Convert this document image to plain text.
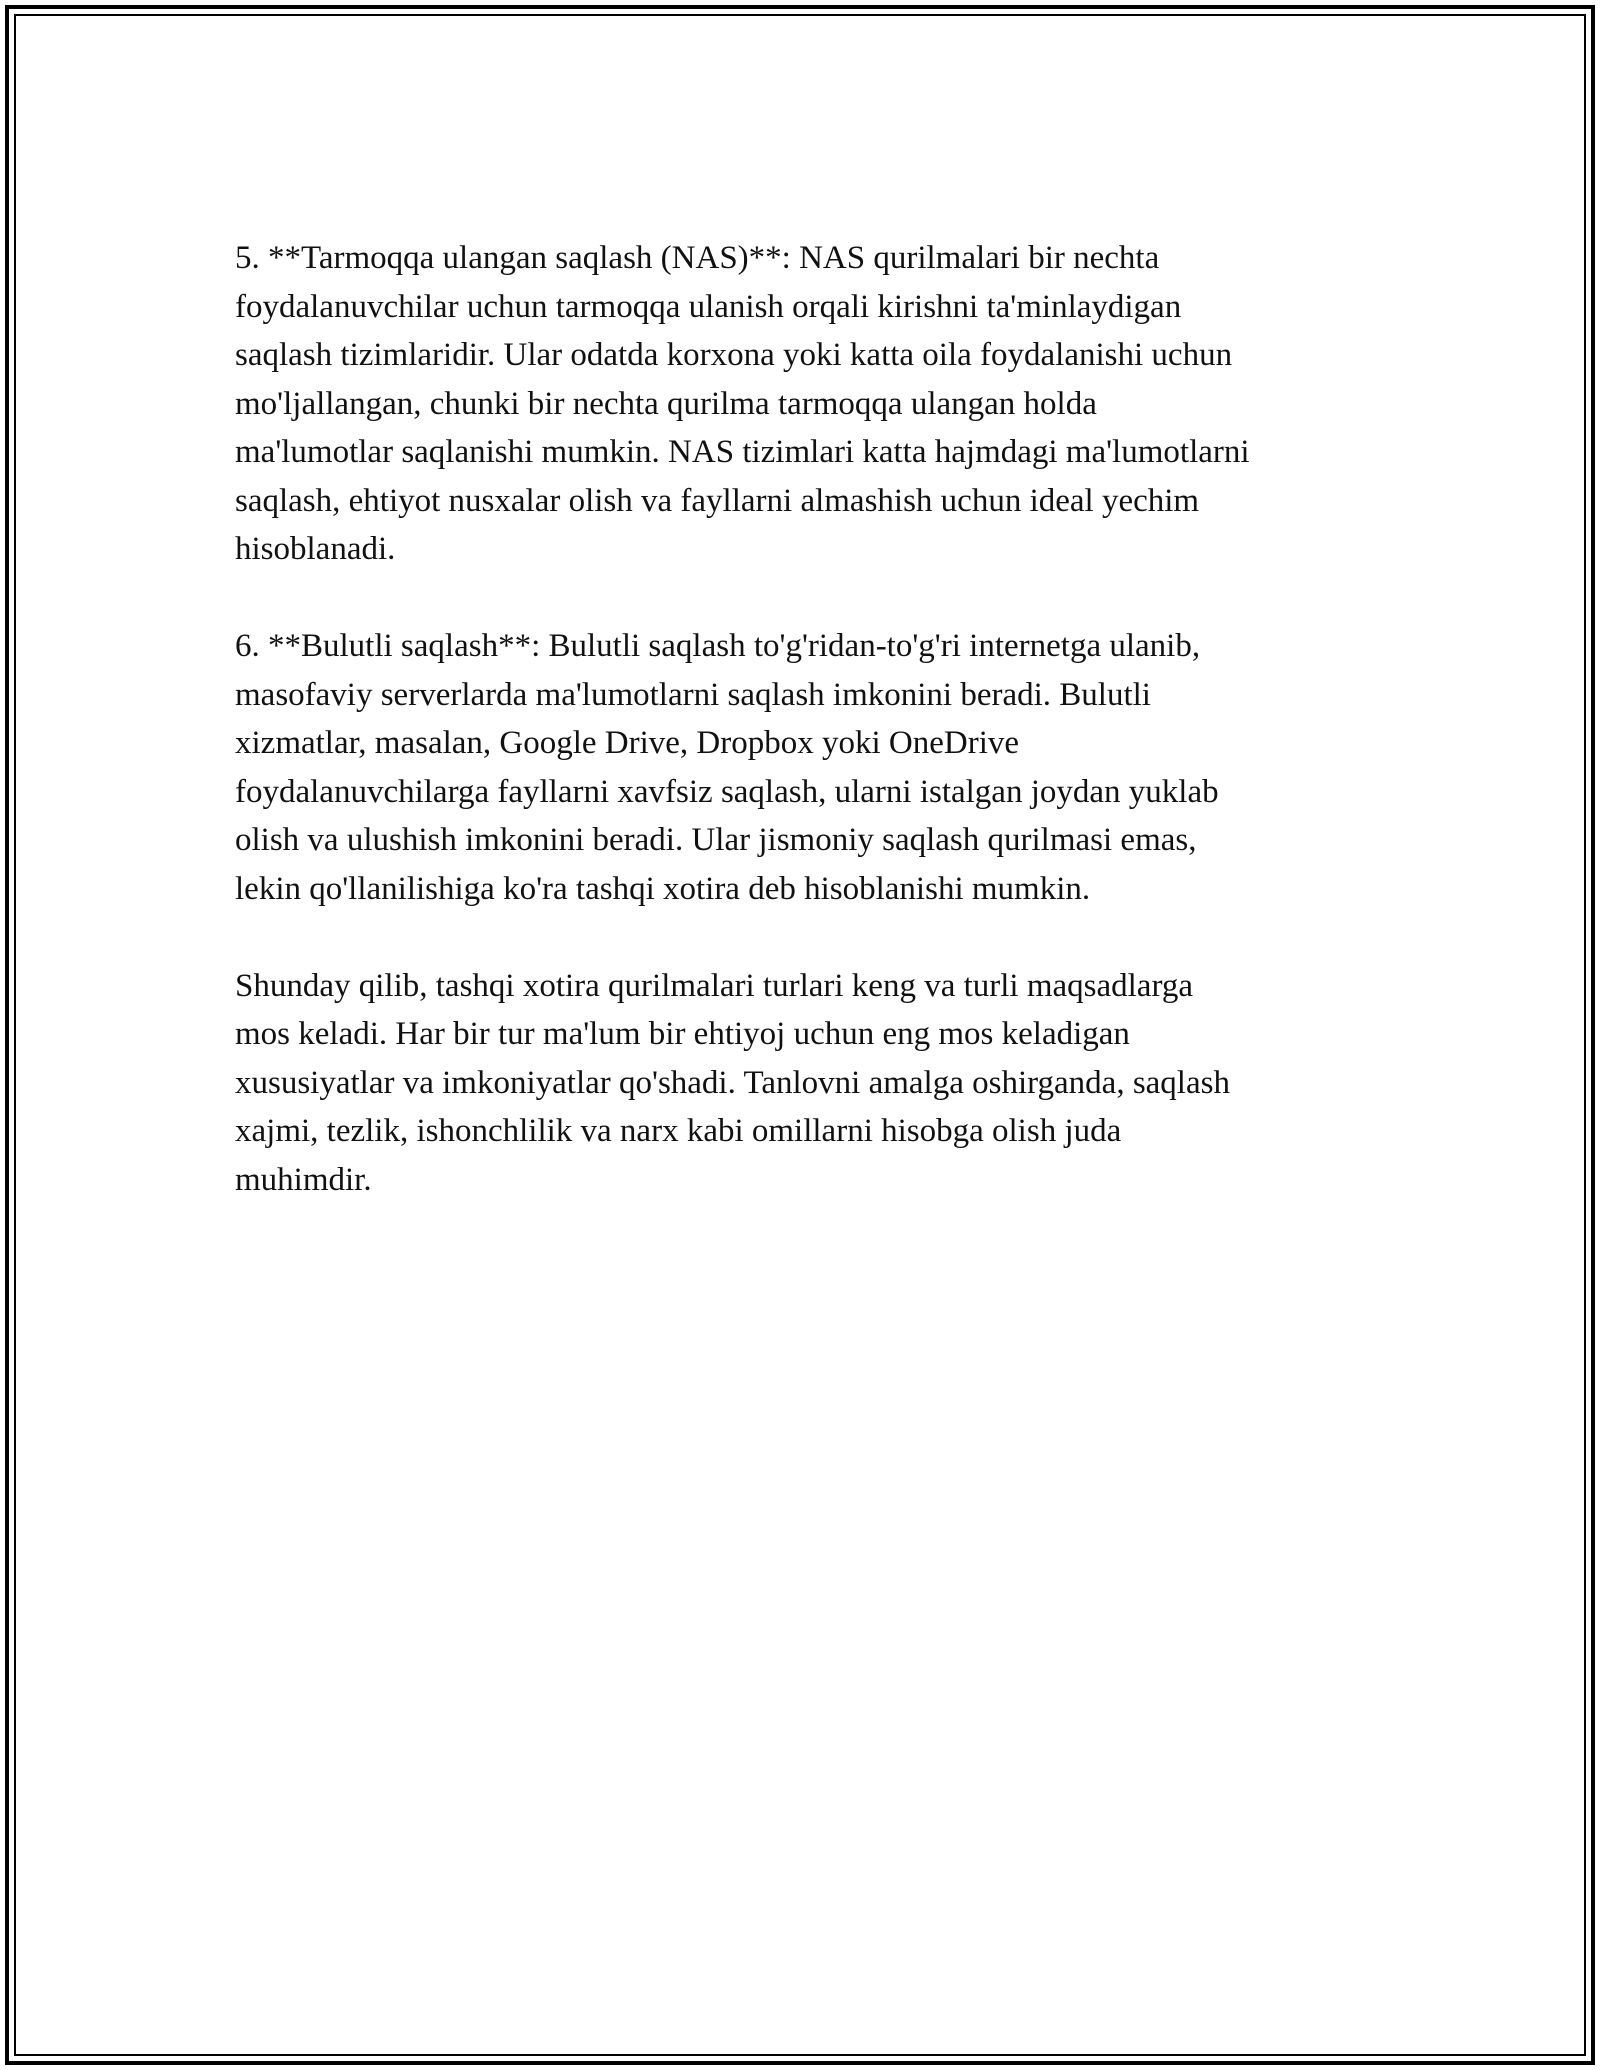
5. **Tarmoqqa ulangan saqlash (NAS)**: NAS qurilmalari bir nechta
foydalanuvchilar uchun tarmoqqa ulanish orqali kirishni ta'minlaydigan
saqlash tizimlaridir. Ular odatda korxona yoki katta oila foydalanishi uchun
mo'ljallangan, chunki bir nechta qurilma tarmoqqa ulangan holda
ma'lumotlar saqlanishi mumkin. NAS tizimlari katta hajmdagi ma'lumotlarni
saqlash, ehtiyot nusxalar olish va fayllarni almashish uchun ideal yechim
hisoblanadi.

6. **Bulutli saqlash**: Bulutli saqlash to'g'ridan-to'g'ri internetga ulanib,
masofaviy serverlarda ma'lumotlarni saqlash imkonini beradi. Bulutli
xizmatlar, masalan, Google Drive, Dropbox yoki OneDrive
foydalanuvchilarga fayllarni xavfsiz saqlash, ularni istalgan joydan yuklab
olish va ulushish imkonini beradi. Ular jismoniy saqlash qurilmasi emas,
lekin qo'llanilishiga ko'ra tashqi xotira deb hisoblanishi mumkin.

Shunday qilib, tashqi xotira qurilmalari turlari keng va turli maqsadlarga
mos keladi. Har bir tur ma'lum bir ehtiyoj uchun eng mos keladigan
xususiyatlar va imkoniyatlar qo'shadi. Tanlovni amalga oshirganda, saqlash
xajmi, tezlik, ishonchlilik va narx kabi omillarni hisobga olish juda
muhimdir.
